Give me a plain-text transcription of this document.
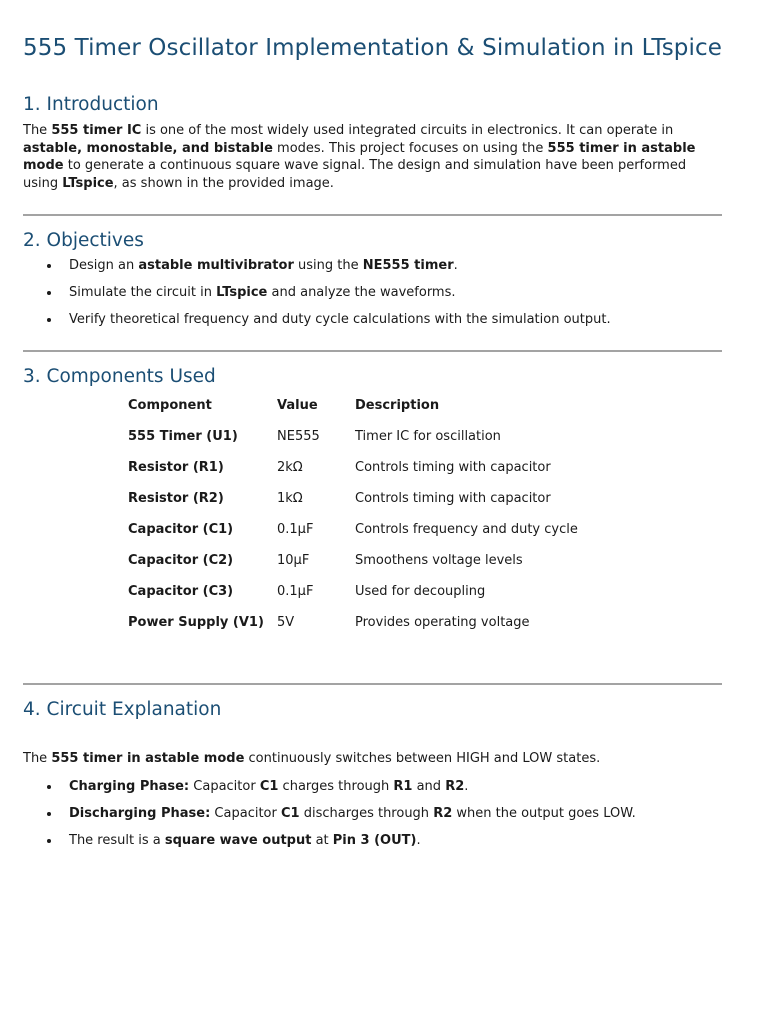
555 Timer Oscillator Implementation & Simulation in LTspice
1. Introduction

The 555 timer IC is one of the most widely used integrated circuits in electronics. It can operate in astable, monostable, and bistable modes. This project focuses on using the 555 timer in astable mode to generate a continuous square wave signal. The design and simulation have been performed using LTspice, as shown in the provided image.

2. Objectives
Design an astable multivibrator using the NE555 timer.
Simulate the circuit in LTspice and analyze the waveforms.
Verify theoretical frequency and duty cycle calculations with the simulation output.
3. Components Used
Component	Value	Description
555 Timer (U1)	NE555	Timer IC for oscillation
Resistor (R1)	2kΩ	Controls timing with capacitor
Resistor (R2)	1kΩ	Controls timing with capacitor
Capacitor (C1)	0.1µF	Controls frequency and duty cycle
Capacitor (C2)	10µF	Smoothens voltage levels
Capacitor (C3)	0.1µF	Used for decoupling
Power Supply (V1)	5V	Provides operating voltage
4. Circuit Explanation

The 555 timer in astable mode continuously switches between HIGH and LOW states.

Charging Phase: Capacitor C1 charges through R1 and R2.
Discharging Phase: Capacitor C1 discharges through R2 when the output goes LOW.
The result is a square wave output at Pin 3 (OUT).
